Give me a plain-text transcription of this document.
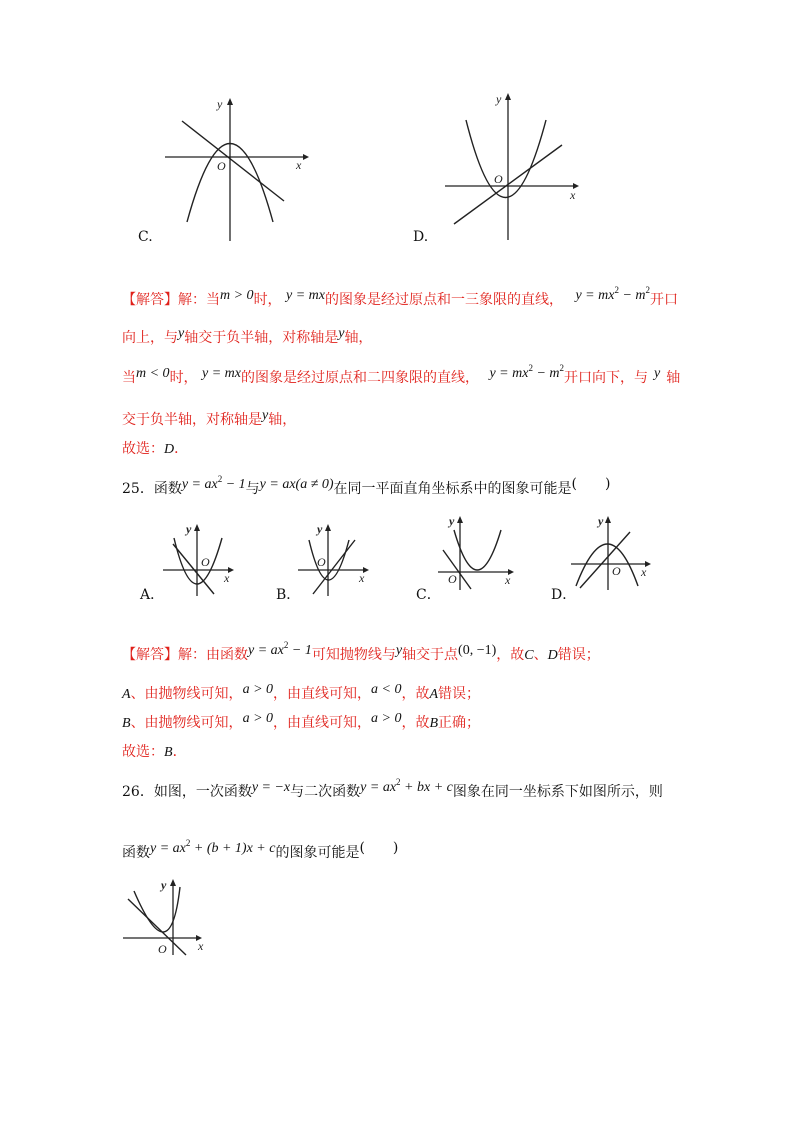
x
y
O
C.
x
y
O
D.
【解答】解：当m > 0时， y = mx的图象是经过原点和一三象限的直线， $y = mx^2 - m^2$开口
向上，与y轴交于负半轴，对称轴是y轴，
当m < 0时， y = mx的图象是经过原点和二四象限的直线， $y = mx^2 - m^2$开口向下，与 y 轴
交于负半轴，对称轴是y轴，
故选：D．
25．函数$y = ax^2 - 1$与y = ax(a ≠ 0)在同一平面直角坐标系中的图象可能是(　　)
x
y
O
A．
x
y
O
B．
x
y
O
C．
x
y
O
D．
【解答】解：由函数$y = ax^2 - 1$可知抛物线与y轴交于点(0, −1)，故C、D错误；
A、由抛物线可知，a > 0，由直线可知，a < 0，故A错误；
B、由抛物线可知，a > 0，由直线可知，a > 0，故B正确；
故选：B．
26．如图，一次函数y = −x与二次函数$y = ax^2$ + bx + c图象在同一坐标系下如图所示，则
函数$y = ax^2 + (b + 1)x + c$的图象可能是(　　)
x
y
O
